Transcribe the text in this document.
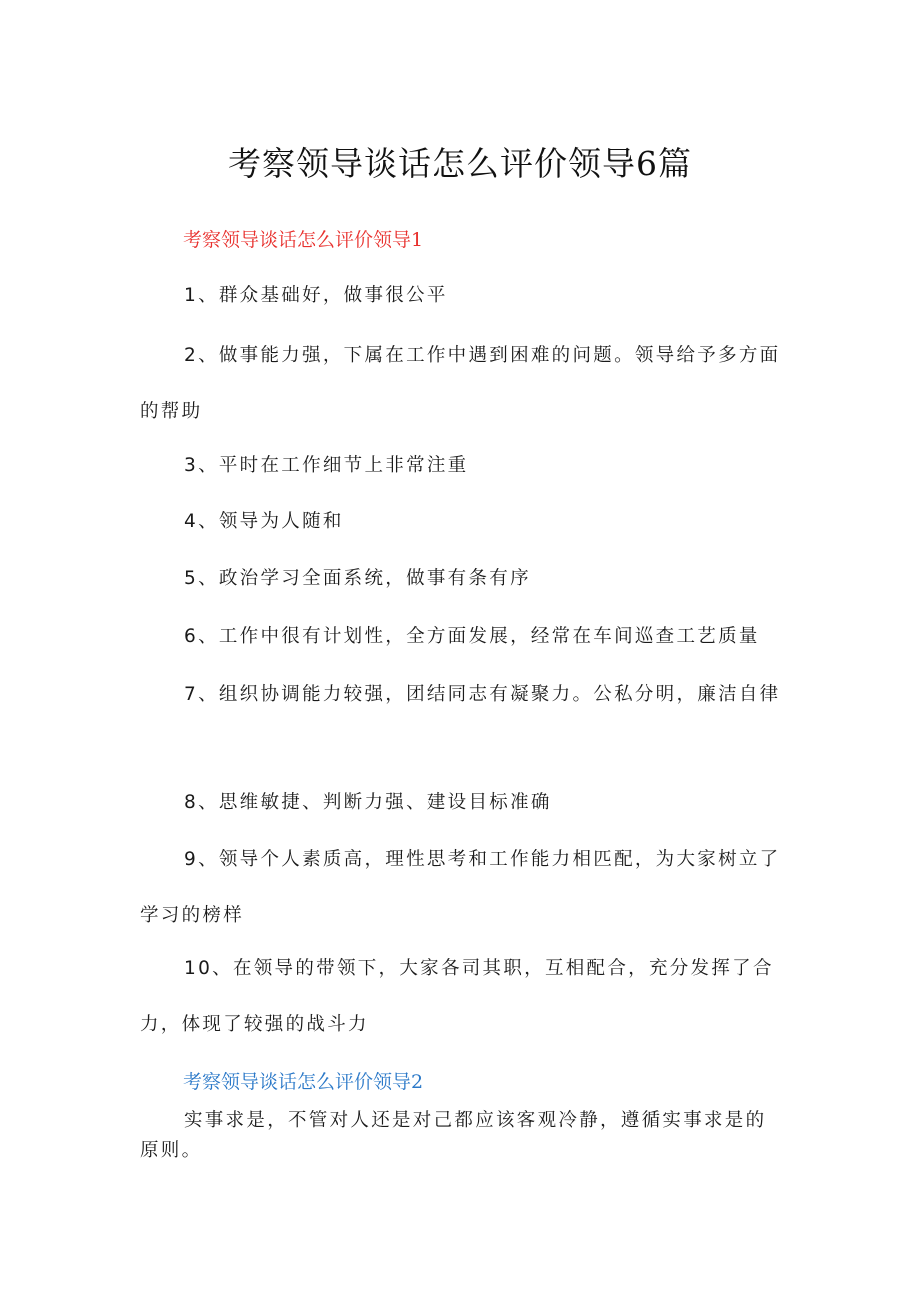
考察领导谈话怎么评价领导6篇
考察领导谈话怎么评价领导1

1、群众基础好，做事很公平

2、做事能力强，下属在工作中遇到困难的问题。领导给予多方面的帮助

3、平时在工作细节上非常注重

4、领导为人随和

5、政治学习全面系统，做事有条有序

6、工作中很有计划性，全方面发展，经常在车间巡查工艺质量

7、组织协调能力较强，团结同志有凝聚力。公私分明，廉洁自律

8、思维敏捷、判断力强、建设目标准确

9、领导个人素质高，理性思考和工作能力相匹配，为大家树立了学习的榜样

10、在领导的带领下，大家各司其职，互相配合，充分发挥了合力，体现了较强的战斗力

考察领导谈话怎么评价领导2

实事求是，不管对人还是对己都应该客观冷静，遵循实事求是的原则。
